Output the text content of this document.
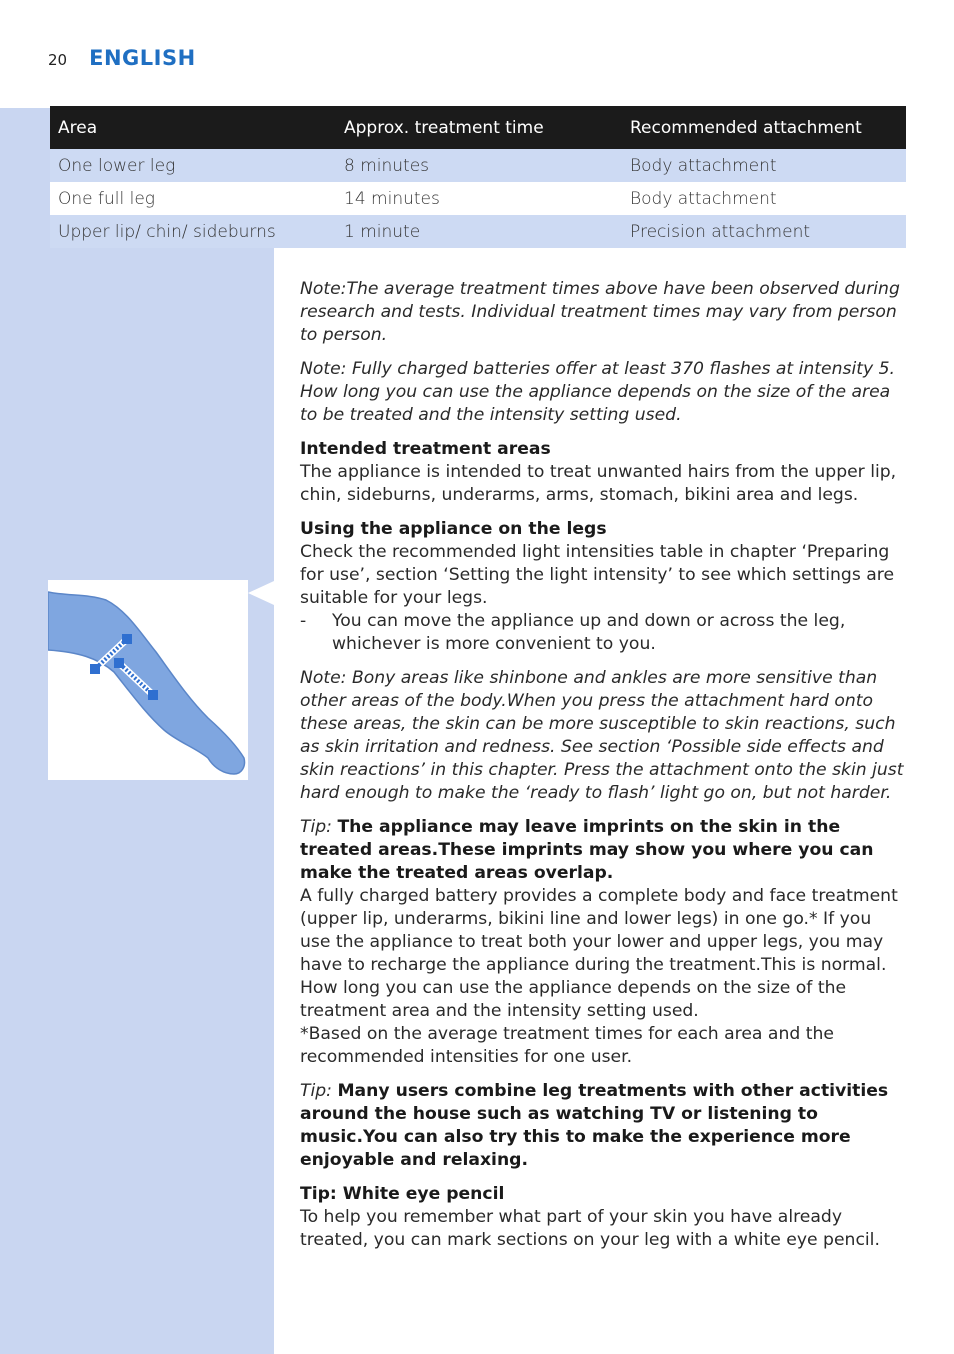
20 ENGLISH
Area	Approx. treatment time	Recommended attachment
One lower leg	8 minutes	Body attachment
One full leg	14 minutes	Body attachment
Upper lip/ chin/ sideburns	1 minute	Precision attachment

Note:The average treatment times above have been observed during research and tests. Individual treatment times may vary from person to person.

Note: Fully charged batteries offer at least 370 flashes at intensity 5. How long you can use the appliance depends on the size of the area to be treated and the intensity setting used.

Intended treatment areas
The appliance is intended to treat unwanted hairs from the upper lip, chin, sideburns, underarms, arms, stomach, bikini area and legs.

Using the appliance on the legs
Check the recommended light intensities table in chapter ‘Preparing for use’, section ‘Setting the light intensity’ to see which settings are suitable for your legs.

-	You can move the appliance up and down or across the leg, whichever is more convenient to you.

Note: Bony areas like shinbone and ankles are more sensitive than other areas of the body.When you press the attachment hard onto these areas, the skin can be more susceptible to skin reactions, such as skin irritation and redness. See section ‘Possible side effects and skin reactions’ in this chapter. Press the attachment onto the skin just hard enough to make the ‘ready to flash’ light go on, but not harder.

Tip: The appliance may leave imprints on the skin in the treated areas.These imprints may show you where you can make the treated areas overlap.
A fully charged battery provides a complete body and face treatment (upper lip, underarms, bikini line and lower legs) in one go.* If you use the appliance to treat both your lower and upper legs, you may have to recharge the appliance during the treatment.This is normal. How long you can use the appliance depends on the size of the treatment area and the intensity setting used.
*Based on the average treatment times for each area and the recommended intensities for one user.

Tip: Many users combine leg treatments with other activities around the house such as watching TV or listening to music.You can also try this to make the experience more enjoyable and relaxing.

Tip: White eye pencil
To help you remember what part of your skin you have already treated, you can mark sections on your leg with a white eye pencil.
